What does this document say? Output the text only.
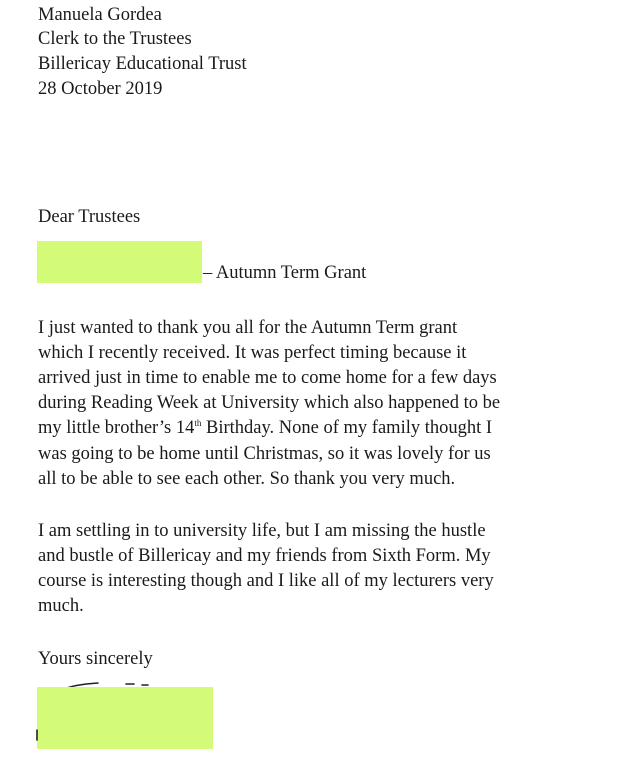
Manuela Gordea
Clerk to the Trustees
Billericay Educational Trust
28 October 2019
Dear Trustees
– Autumn Term Grant
I just wanted to thank you all for the Autumn Term grant
which I recently received. It was perfect timing because it
arrived just in time to enable me to come home for a few days
during Reading Week at University which also happened to be
my little brother’s 14th Birthday. None of my family thought I
was going to be home until Christmas, so it was lovely for us
all to be able to see each other. So thank you very much.
I am settling in to university life, but I am missing the hustle
and bustle of Billericay and my friends from Sixth Form. My
course is interesting though and I like all of my lecturers very
much.
Yours sincerely
